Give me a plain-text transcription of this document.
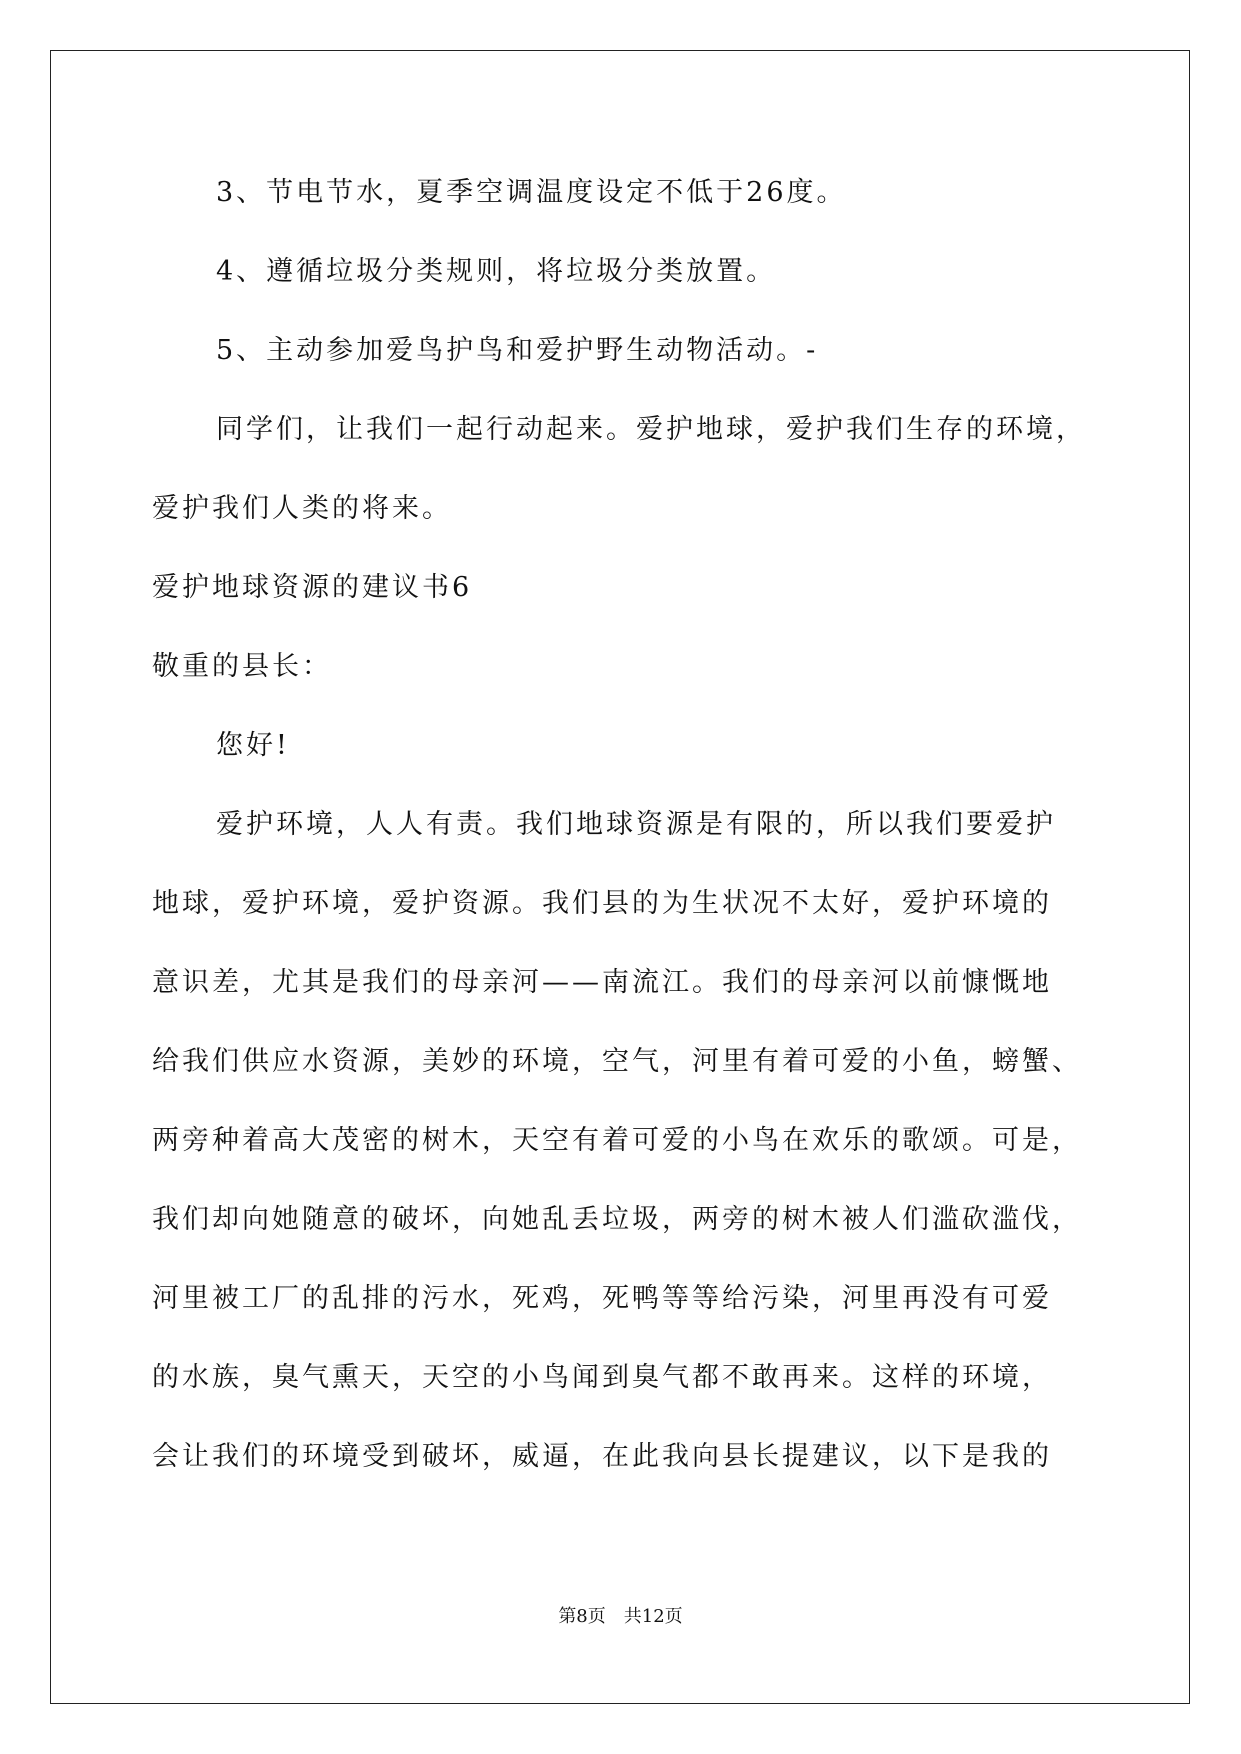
3、节电节水，夏季空调温度设定不低于26度。
4、遵循垃圾分类规则，将垃圾分类放置。
5、主动参加爱鸟护鸟和爱护野生动物活动。-
同学们，让我们一起行动起来。爱护地球，爱护我们生存的环境，
爱护我们人类的将来。
爱护地球资源的建议书6
敬重的县长：
您好!
爱护环境，人人有责。我们地球资源是有限的，所以我们要爱护
地球，爱护环境，爱护资源。我们县的为生状况不太好，爱护环境的
意识差，尤其是我们的母亲河——南流江。我们的母亲河以前慷慨地
给我们供应水资源，美妙的环境，空气，河里有着可爱的小鱼，螃蟹、
两旁种着高大茂密的树木，天空有着可爱的小鸟在欢乐的歌颂。可是，
我们却向她随意的破坏，向她乱丢垃圾，两旁的树木被人们滥砍滥伐，
河里被工厂的乱排的污水，死鸡，死鸭等等给污染，河里再没有可爱
的水族，臭气熏天，天空的小鸟闻到臭气都不敢再来。这样的环境，
会让我们的环境受到破坏，威逼，在此我向县长提建议，以下是我的
第8页　共12页
